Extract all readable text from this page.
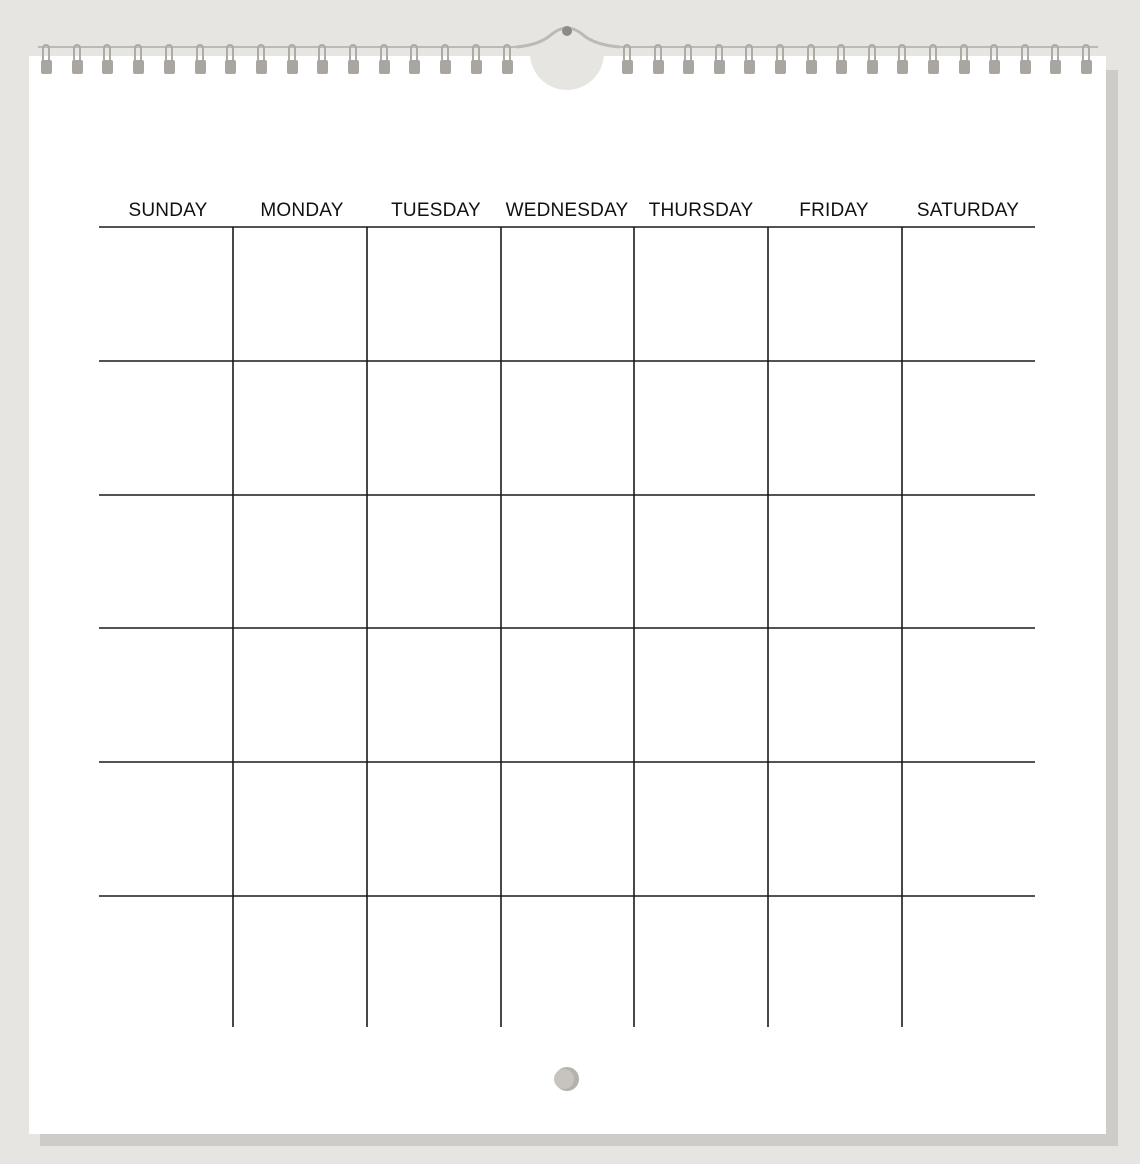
SUNDAY	MONDAY	TUESDAY	WEDNESDAY	THURSDAY	FRIDAY	SATURDAY
